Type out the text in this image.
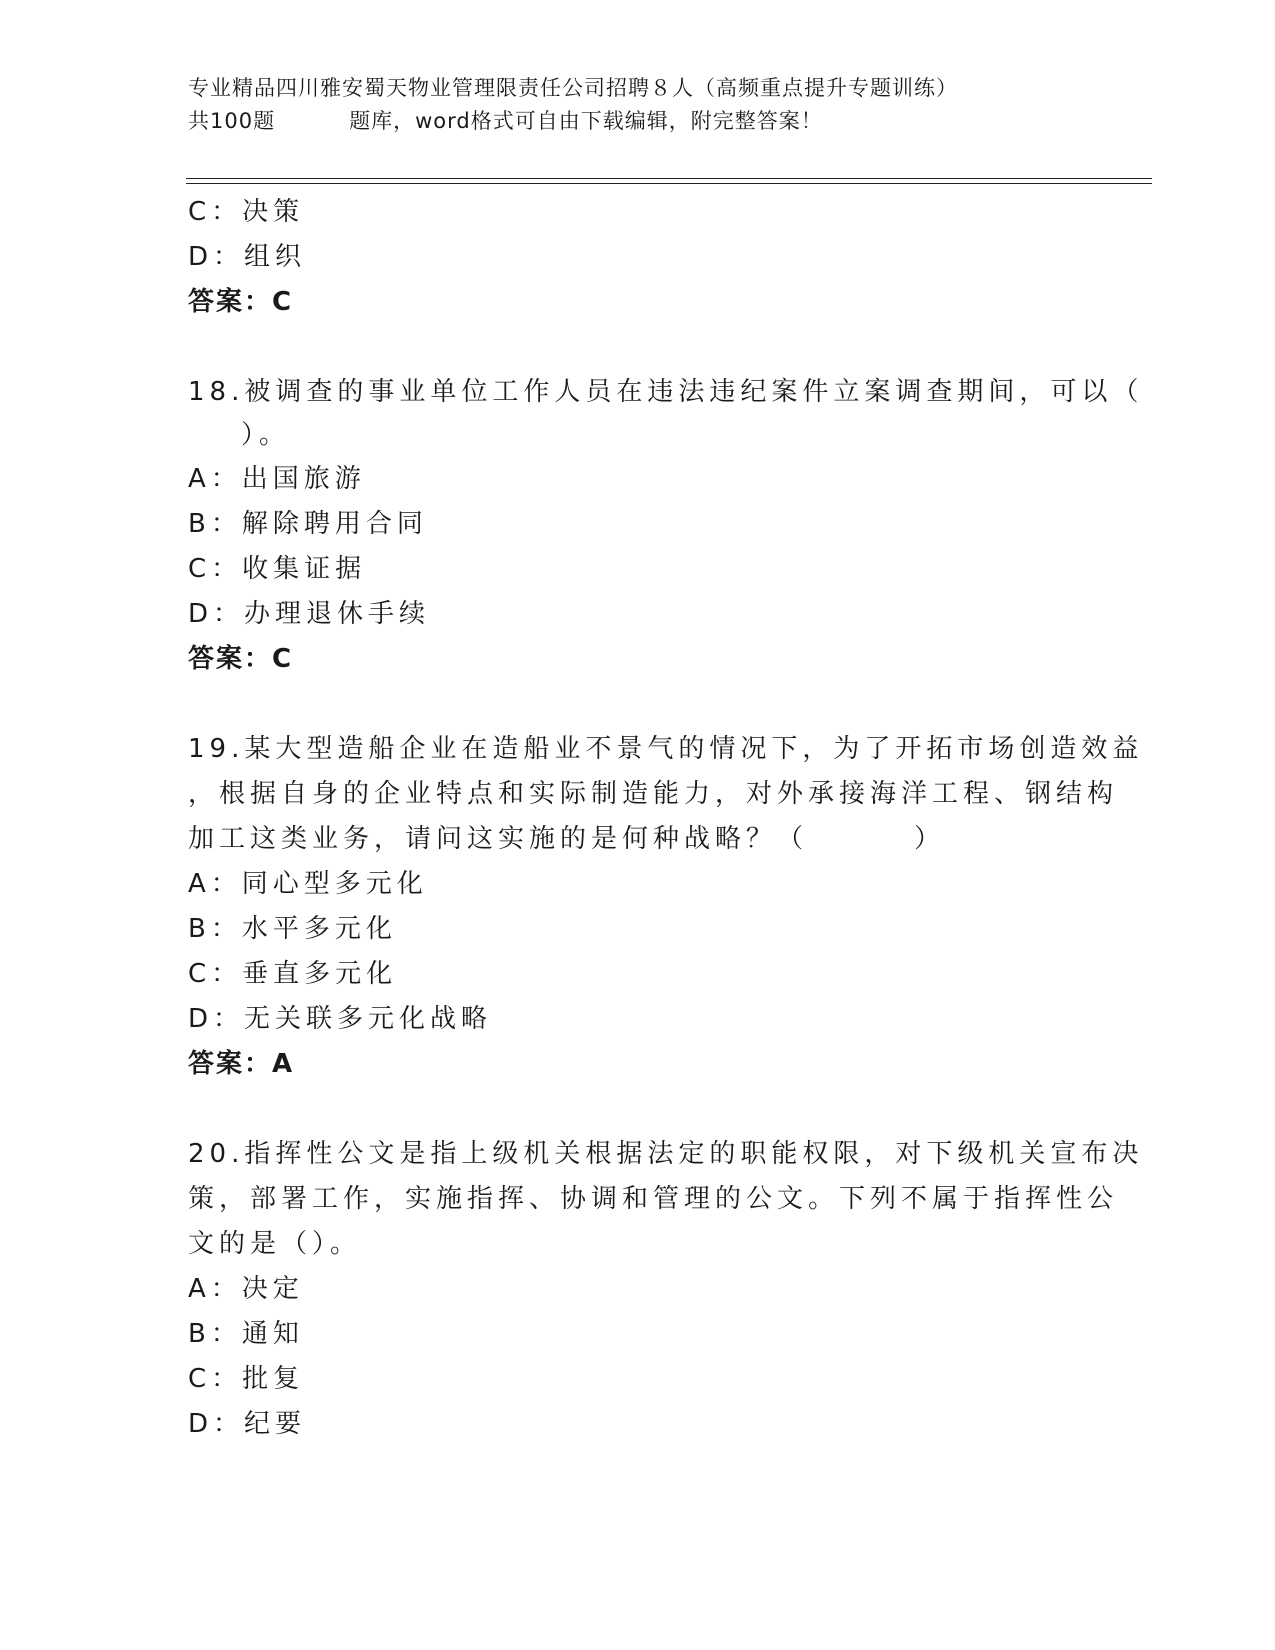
专业精品四川雅安蜀天物业管理限责任公司招聘８人（高频重点提升专题训练）
共100题	题库，word格式可自由下载编辑，附完整答案！
C：决策
D：组织
答案：C
18.被调查的事业单位工作人员在违法违纪案件立案调查期间，可以（
）。
A：出国旅游
B：解除聘用合同
C：收集证据
D：办理退休手续
答案：C
19.某大型造船企业在造船业不景气的情况下，为了开拓市场创造效益
，根据自身的企业特点和实际制造能力，对外承接海洋工程、钢结构
加工这类业务，请问这实施的是何种战略？（        ）
A：同心型多元化
B：水平多元化
C：垂直多元化
D：无关联多元化战略
答案：A
20.指挥性公文是指上级机关根据法定的职能权限，对下级机关宣布决
策，部署工作，实施指挥、协调和管理的公文。下列不属于指挥性公
文的是（）。
A：决定
B：通知
C：批复
D：纪要
